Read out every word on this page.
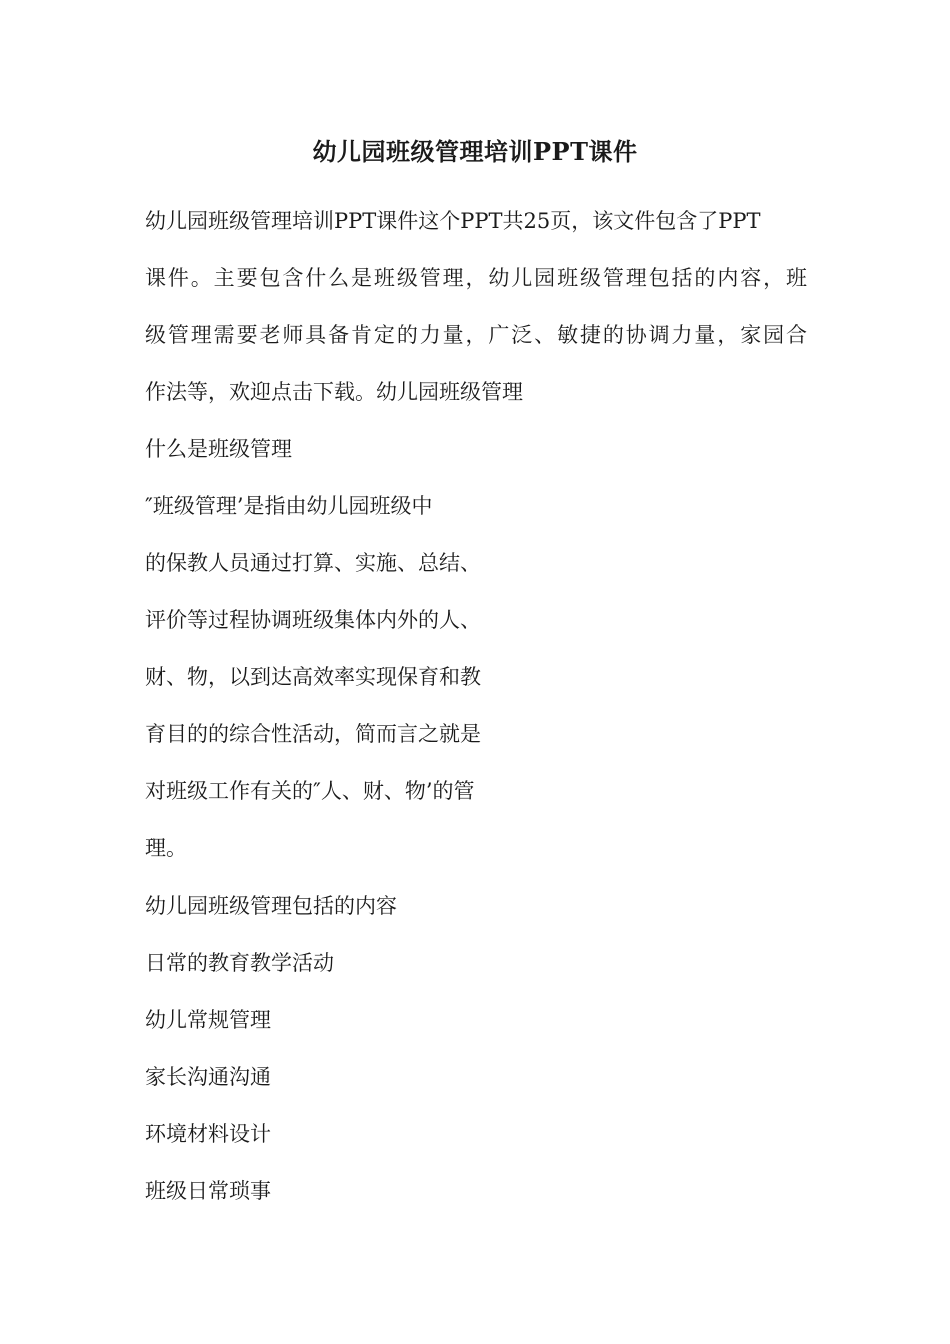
幼儿园班级管理培训PPT课件
幼儿园班级管理培训PPT课件这个PPT共25页，该文件包含了PPT
课件。主要包含什么是班级管理，幼儿园班级管理包括的内容，班
级管理需要老师具备肯定的力量，广泛、敏捷的协调力量，家园合
作法等，欢迎点击下载。幼儿园班级管理
什么是班级管理
″班级管理’是指由幼儿园班级中
的保教人员通过打算、实施、总结、
评价等过程协调班级集体内外的人、
财、物，以到达高效率实现保育和教
育目的的综合性活动，简而言之就是
对班级工作有关的″人、财、物’的管
理。
幼儿园班级管理包括的内容
日常的教育教学活动
幼儿常规管理
家长沟通沟通
环境材料设计
班级日常琐事
